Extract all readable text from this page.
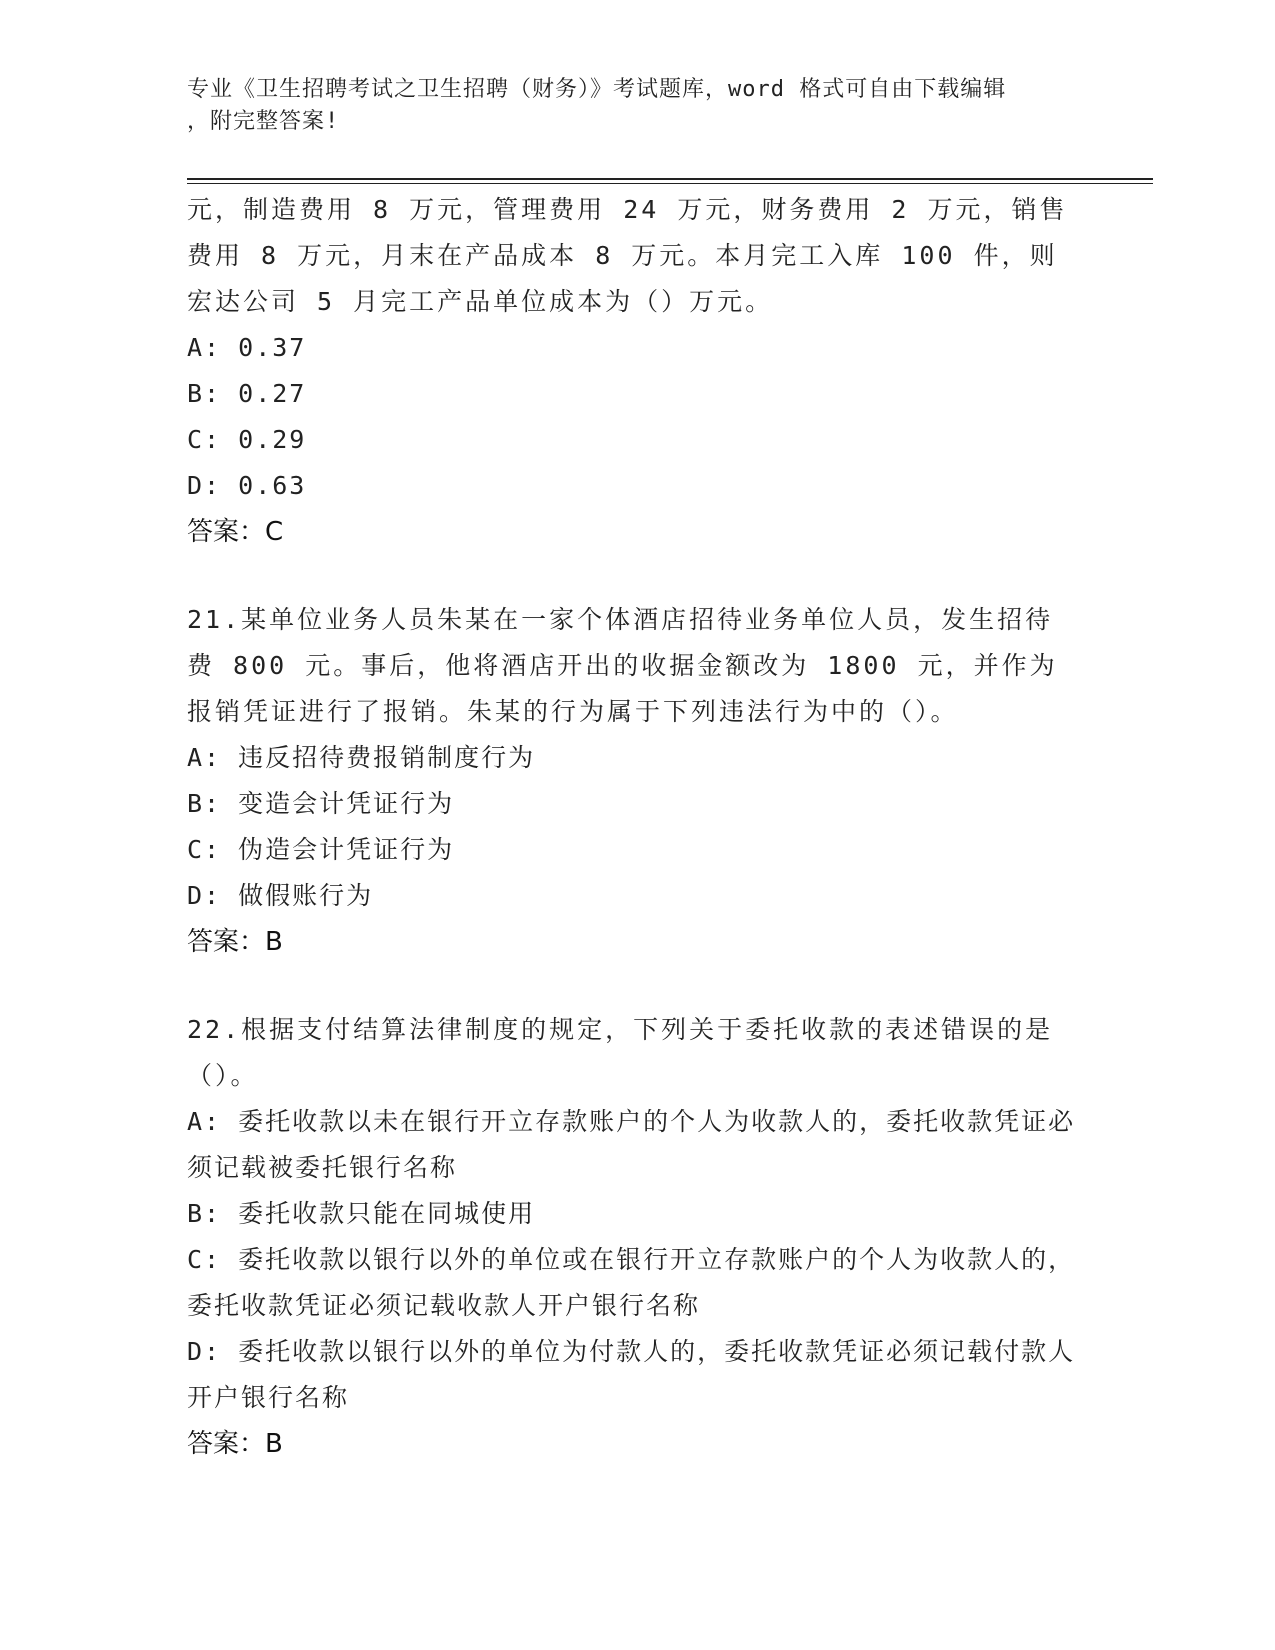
专业《卫生招聘考试之卫生招聘（财务）》考试题库，word 格式可自由下载编辑
，附完整答案!

元，制造费用 8 万元，管理费用 24 万元，财务费用 2 万元，销售费用 8 万元，月末在产品成本 8 万元。本月完工入库 100 件，则宏达公司 5 月完工产品单位成本为（）万元。

A: 0.37

B: 0.27

C: 0.29

D: 0.63

答案：C

21.某单位业务人员朱某在一家个体酒店招待业务单位人员，发生招待费 800 元。事后，他将酒店开出的收据金额改为 1800 元，并作为报销凭证进行了报销。朱某的行为属于下列违法行为中的（）。

A: 违反招待费报销制度行为

B: 变造会计凭证行为

C: 伪造会计凭证行为

D: 做假账行为

答案：B

22.根据支付结算法律制度的规定，下列关于委托收款的表述错误的是（）。

A: 委托收款以未在银行开立存款账户的个人为收款人的，委托收款凭证必须记载被委托银行名称

B: 委托收款只能在同城使用

C: 委托收款以银行以外的单位或在银行开立存款账户的个人为收款人的，委托收款凭证必须记载收款人开户银行名称

D: 委托收款以银行以外的单位为付款人的，委托收款凭证必须记载付款人开户银行名称

答案：B
